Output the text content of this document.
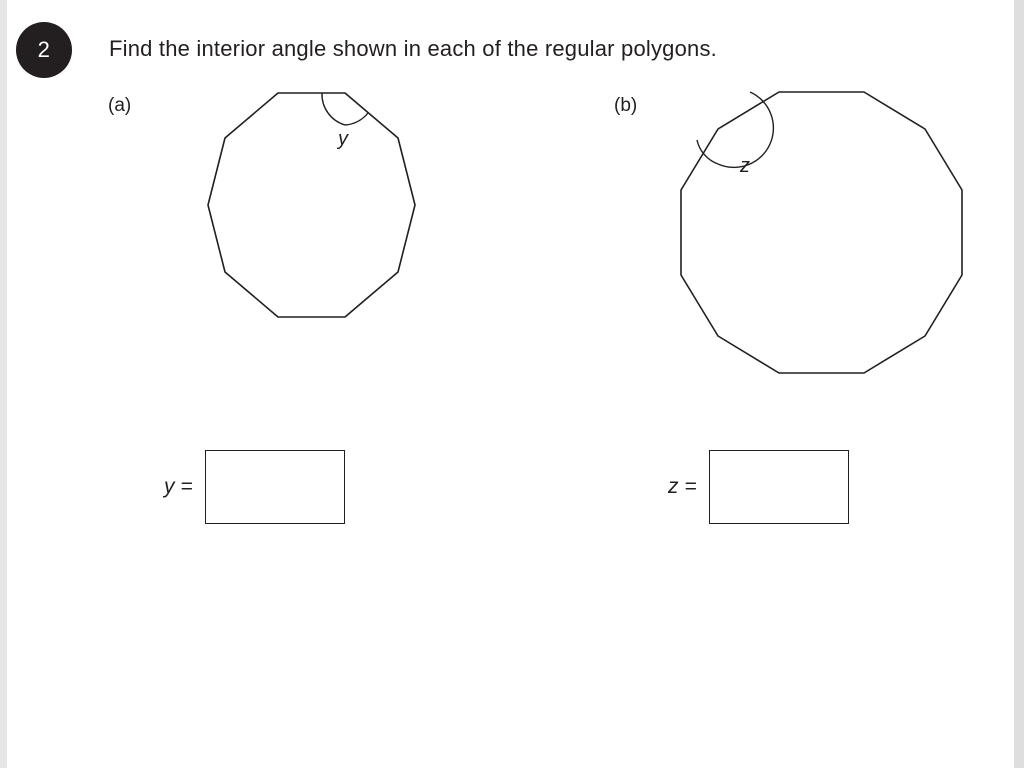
2	Find the interior angle shown in each of the regular polygons.
(a)	(b)
y
z
y =	z =
